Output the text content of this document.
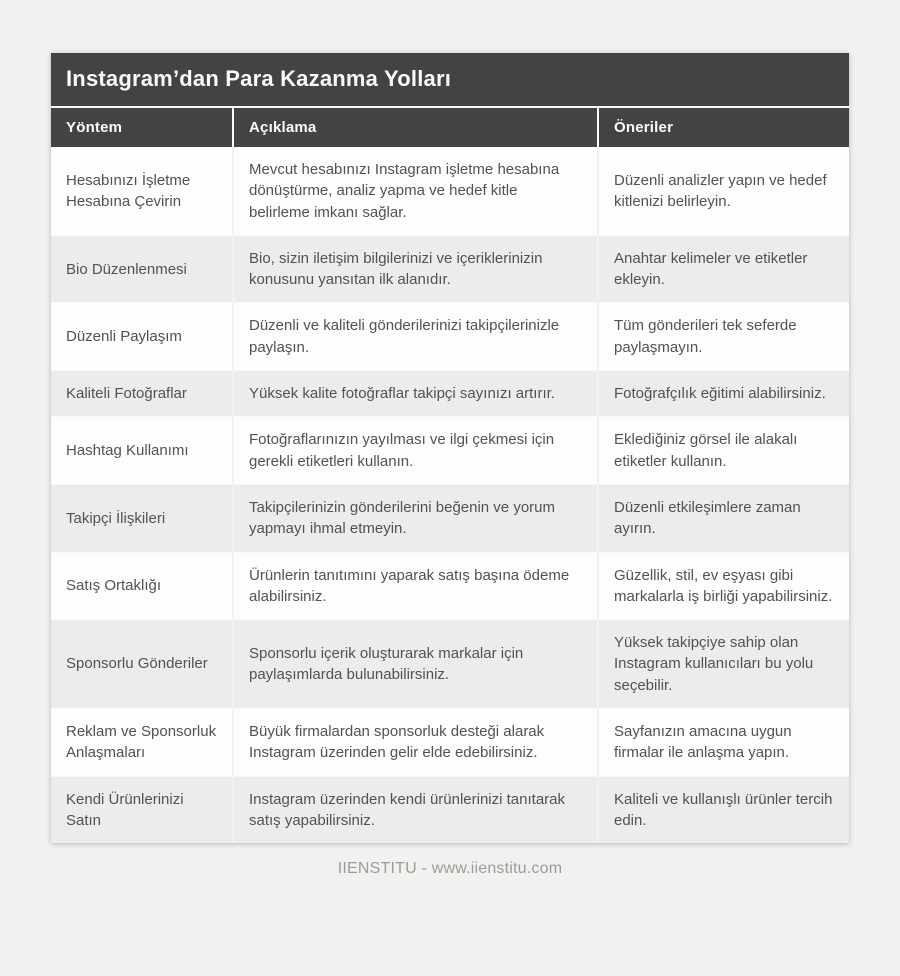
Instagram’dan Para Kazanma Yolları		
Yöntem	Açıklama	Öneriler
Hesabınızı İşletme Hesabına Çevirin	Mevcut hesabınızı Instagram işletme hesabına dönüştürme, analiz yapma ve hedef kitle belirleme imkanı sağlar.	Düzenli analizler yapın ve hedef kitlenizi belirleyin.
Bio Düzenlenmesi	Bio, sizin iletişim bilgilerinizi ve içeriklerinizin konusunu yansıtan ilk alanıdır.	Anahtar kelimeler ve etiketler ekleyin.
Düzenli Paylaşım	Düzenli ve kaliteli gönderilerinizi takipçilerinizle paylaşın.	Tüm gönderileri tek seferde paylaşmayın.
Kaliteli Fotoğraflar	Yüksek kalite fotoğraflar takipçi sayınızı artırır.	Fotoğrafçılık eğitimi alabilirsiniz.
Hashtag Kullanımı	Fotoğraflarınızın yayılması ve ilgi çekmesi için gerekli etiketleri kullanın.	Eklediğiniz görsel ile alakalı etiketler kullanın.
Takipçi İlişkileri	Takipçilerinizin gönderilerini beğenin ve yorum yapmayı ihmal etmeyin.	Düzenli etkileşimlere zaman ayırın.
Satış Ortaklığı	Ürünlerin tanıtımını yaparak satış başına ödeme alabilirsiniz.	Güzellik, stil, ev eşyası gibi markalarla iş birliği yapabilirsiniz.
Sponsorlu Gönderiler	Sponsorlu içerik oluşturarak markalar için paylaşımlarda bulunabilirsiniz.	Yüksek takipçiye sahip olan Instagram kullanıcıları bu yolu seçebilir.
Reklam ve Sponsorluk Anlaşmaları	Büyük firmalardan sponsorluk desteği alarak Instagram üzerinden gelir elde edebilirsiniz.	Sayfanızın amacına uygun firmalar ile anlaşma yapın.
Kendi Ürünlerinizi Satın	Instagram üzerinden kendi ürünlerinizi tanıtarak satış yapabilirsiniz.	Kaliteli ve kullanışlı ürünler tercih edin.
IIENSTITU - www.iienstitu.com
